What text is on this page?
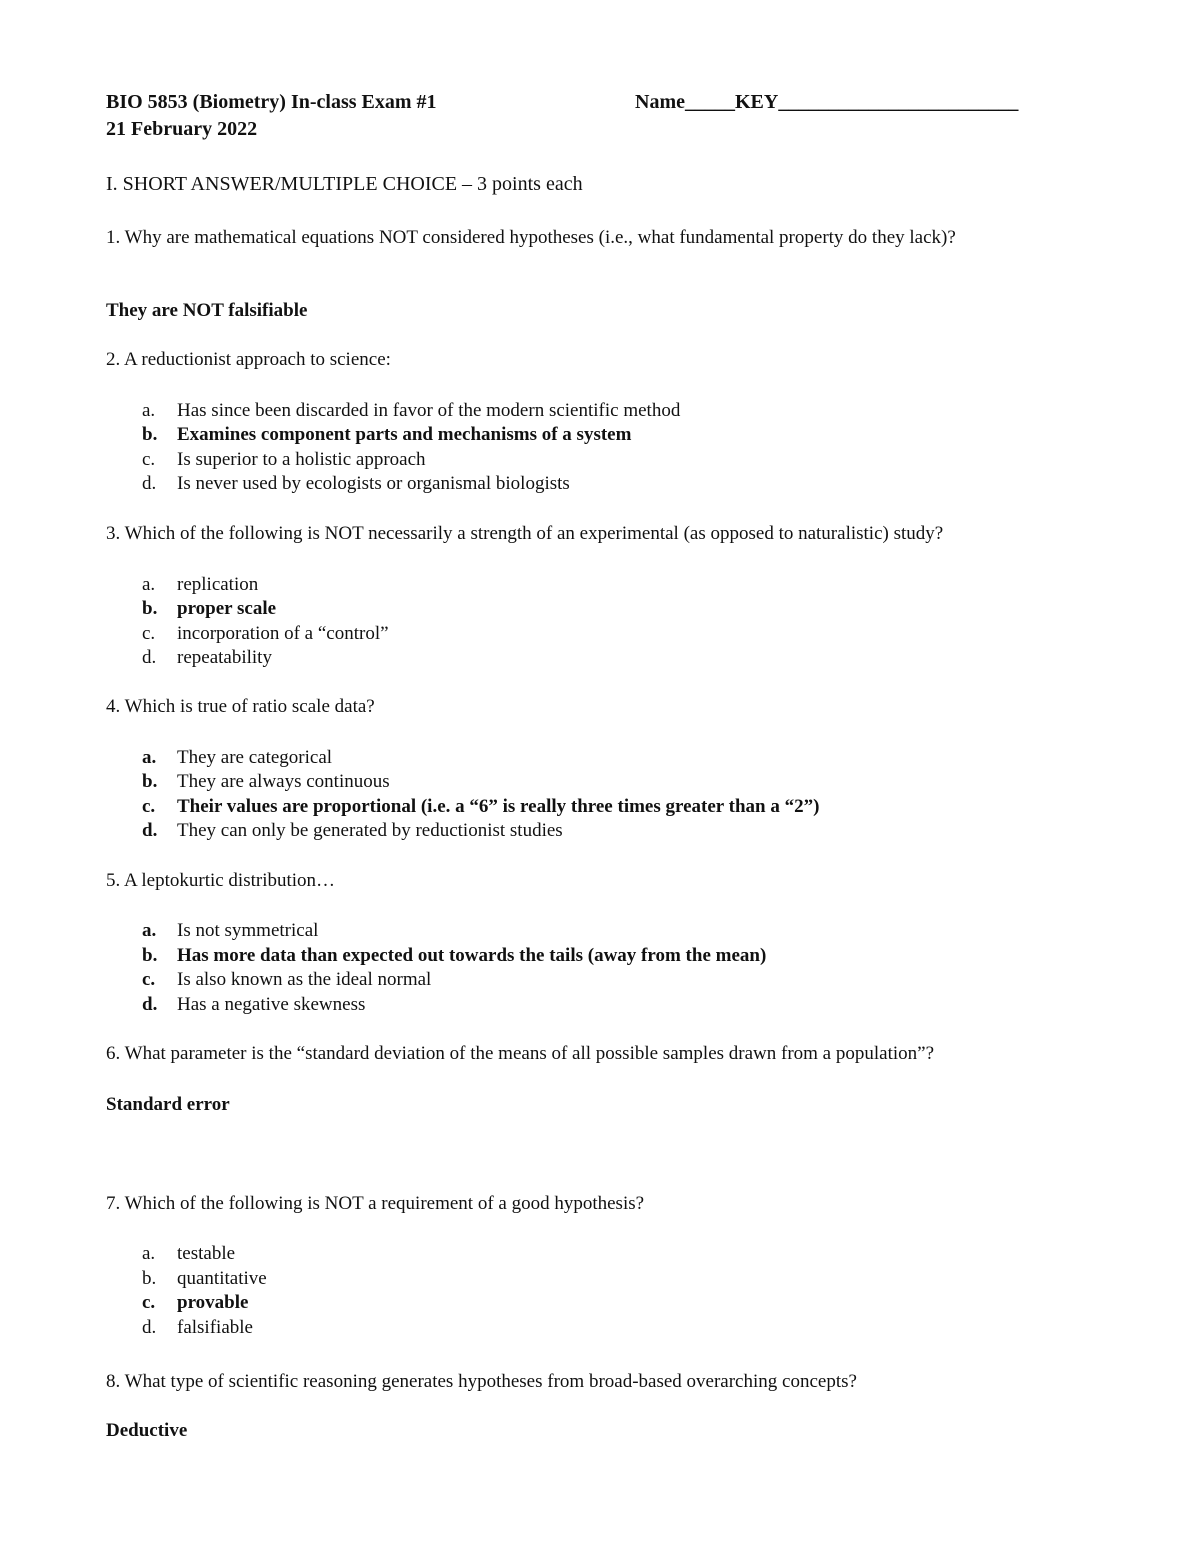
BIO 5853 (Biometry) In-class Exam #1	Name_____KEY________________________
21 February 2022
I. SHORT ANSWER/MULTIPLE CHOICE – 3 points each
1. Why are mathematical equations NOT considered hypotheses (i.e., what fundamental property do they lack)?
They are NOT falsifiable
2. A reductionist approach to science:
a. Has since been discarded in favor of the modern scientific method
b. Examines component parts and mechanisms of a system
c. Is superior to a holistic approach
d. Is never used by ecologists or organismal biologists
3. Which of the following is NOT necessarily a strength of an experimental (as opposed to naturalistic) study?
a. replication
b. proper scale
c. incorporation of a “control”
d. repeatability
4. Which is true of ratio scale data?
a. They are categorical
b. They are always continuous
c. Their values are proportional (i.e. a “6” is really three times greater than a “2”)
d. They can only be generated by reductionist studies
5. A leptokurtic distribution…
a. Is not symmetrical
b. Has more data than expected out towards the tails (away from the mean)
c. Is also known as the ideal normal
d. Has a negative skewness
6. What parameter is the “standard deviation of the means of all possible samples drawn from a population”?
Standard error
7. Which of the following is NOT a requirement of a good hypothesis?
a. testable
b. quantitative
c. provable
d. falsifiable
8. What type of scientific reasoning generates hypotheses from broad-based overarching concepts?
Deductive
